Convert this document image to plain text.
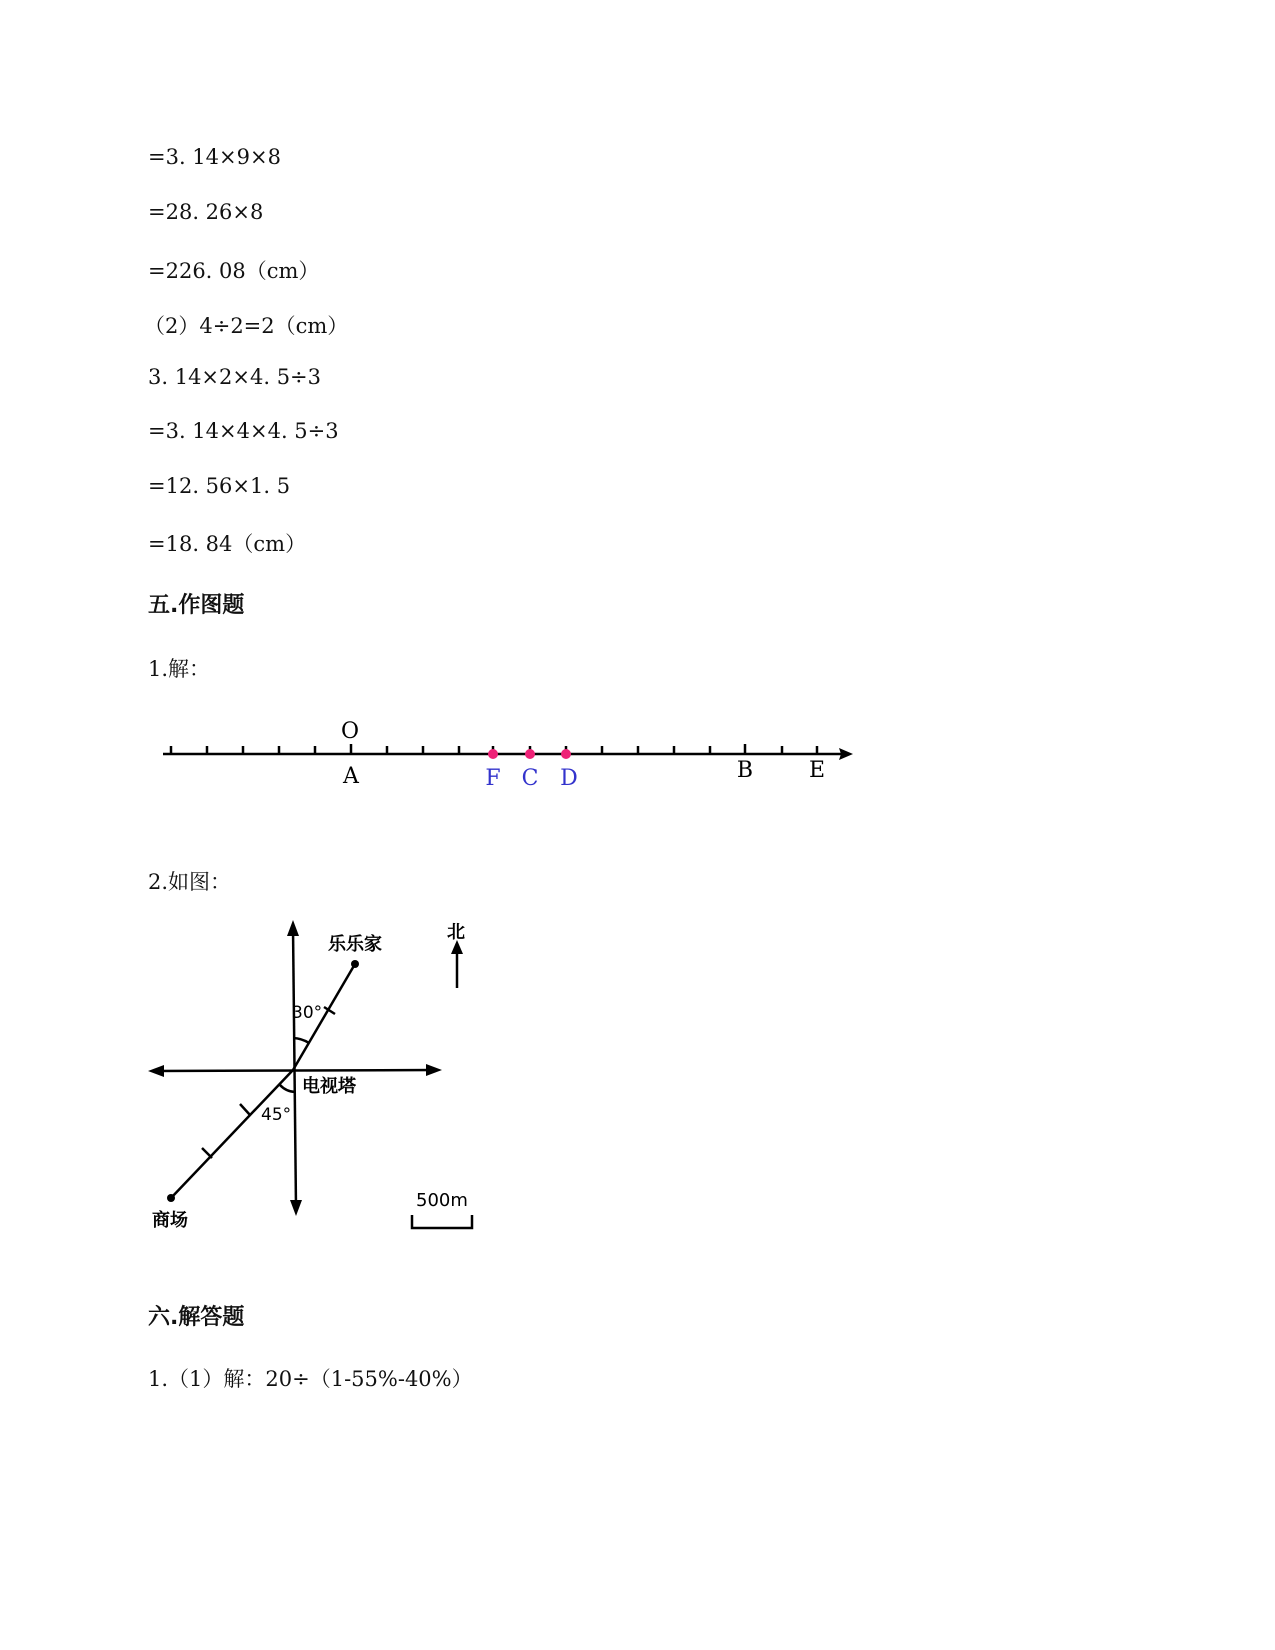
=3. 14×9×8
=28. 26×8
=226. 08（cm）
（2）4÷2=2（cm）
3. 14×2×4. 5÷3
=3. 14×4×4. 5÷3
=12. 56×1. 5
=18. 84（cm）
五.作图题
1.解：
O
A	F C D	B	E
2.如图：
乐乐家
电视塔
商场
北
30°
45°
500m
六.解答题
1.（1）解：20÷（1-55%-40%）
